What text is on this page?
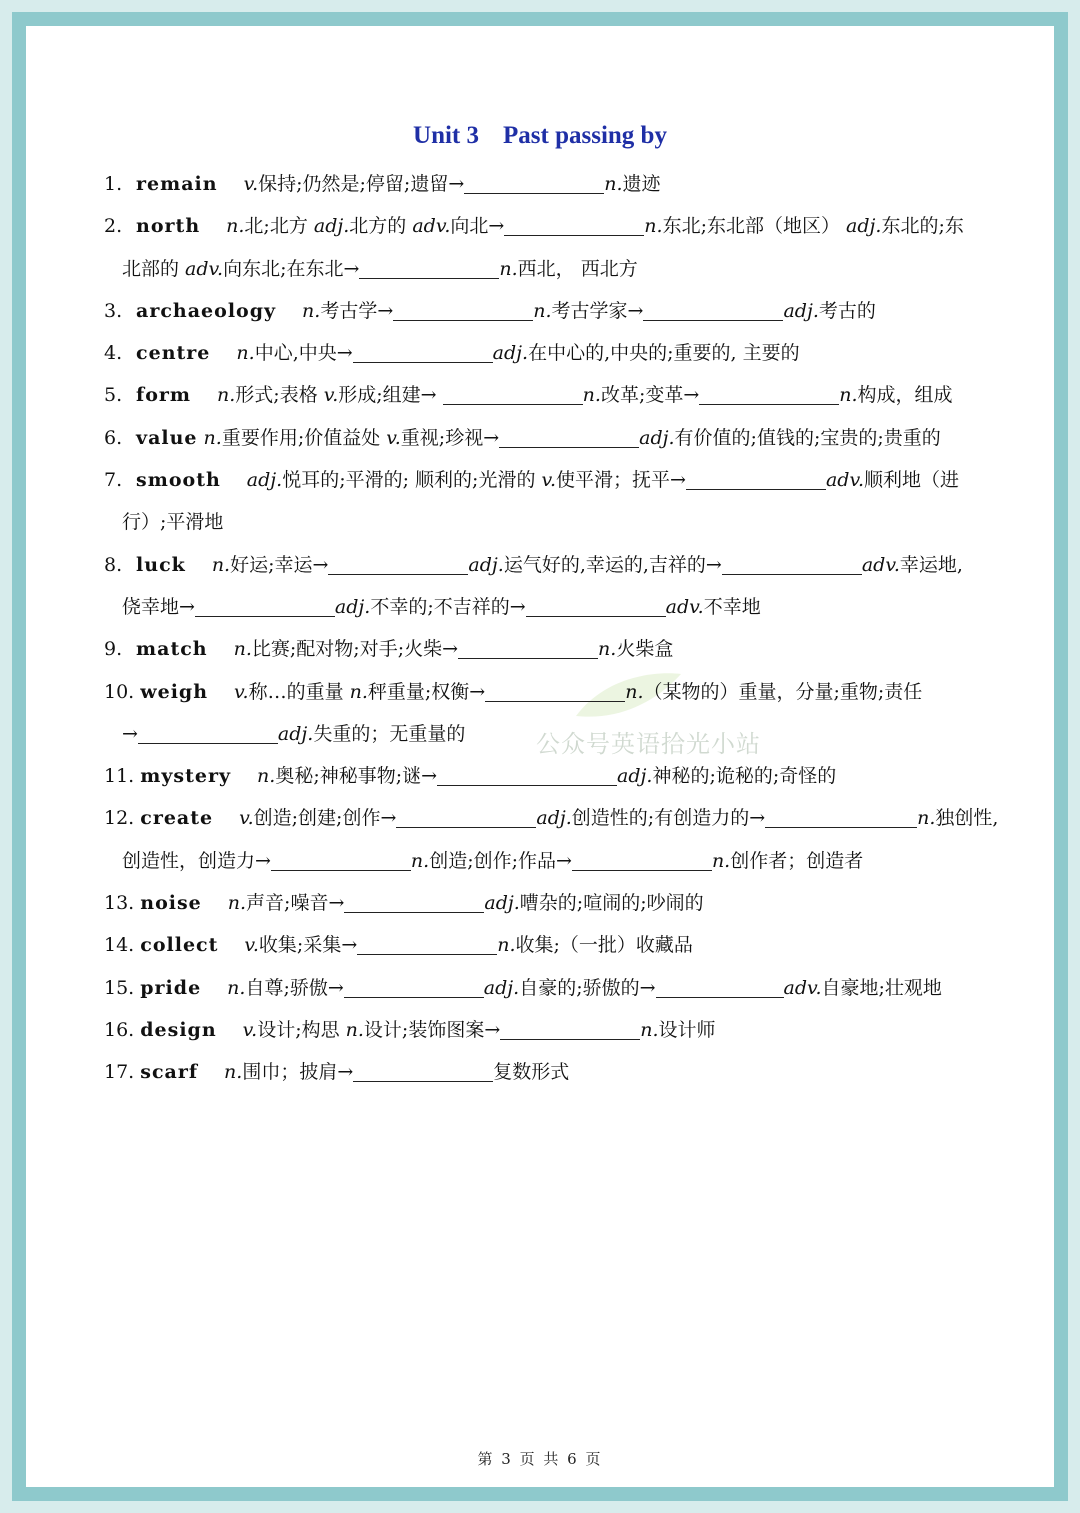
Unit 3 Past passing by
公众号英语拾光小站
1. remain v.保持;仍然是;停留;遗留→	n.遗迹
2. north n.北;北方 adj.北方的 adv.向北→	n.东北;东北部（地区） adj.东北的;东
北部的 adv.向东北;在东北→	n.西北， 西北方
3. archaeology n.考古学→	n.考古学家→	adj.考古的
4. centre n.中心,中央→	adj.在中心的,中央的;重要的, 主要的
5. form n.形式;表格 v.形成;组建→	n.改革;变革→	n.构成，组成
6. value n.重要作用;价值益处 v.重视;珍视→	adj.有价值的;值钱的;宝贵的;贵重的
7. smooth adj.悦耳的;平滑的; 顺利的;光滑的 v.使平滑；抚平→	adv.顺利地（进
行）;平滑地
8. luck n.好运;幸运→	adj.运气好的,幸运的,吉祥的→	adv.幸运地,
侥幸地→	adj.不幸的;不吉祥的→	adv.不幸地
9. match n.比赛;配对物;对手;火柴→	n.火柴盒
10. weigh v.称…的重量 n.秤重量;权衡→	n.（某物的）重量，分量;重物;责任
→	adj.失重的；无重量的
11. mystery n.奥秘;神秘事物;谜→	adj.神秘的;诡秘的;奇怪的
12. create v.创造;创建;创作→	adj.创造性的;有创造力的→	n.独创性,
创造性，创造力→	n.创造;创作;作品→	n.创作者；创造者
13. noise n.声音;噪音→	adj.嘈杂的;喧闹的;吵闹的
14. collect v.收集;采集→	n.收集;（一批）收藏品
15. pride n.自尊;骄傲→	adj.自豪的;骄傲的→	adv.自豪地;壮观地
16. design v.设计;构思 n.设计;装饰图案→	n.设计师
17. scarf n.围巾；披肩→	复数形式
第 3 页 共 6 页
